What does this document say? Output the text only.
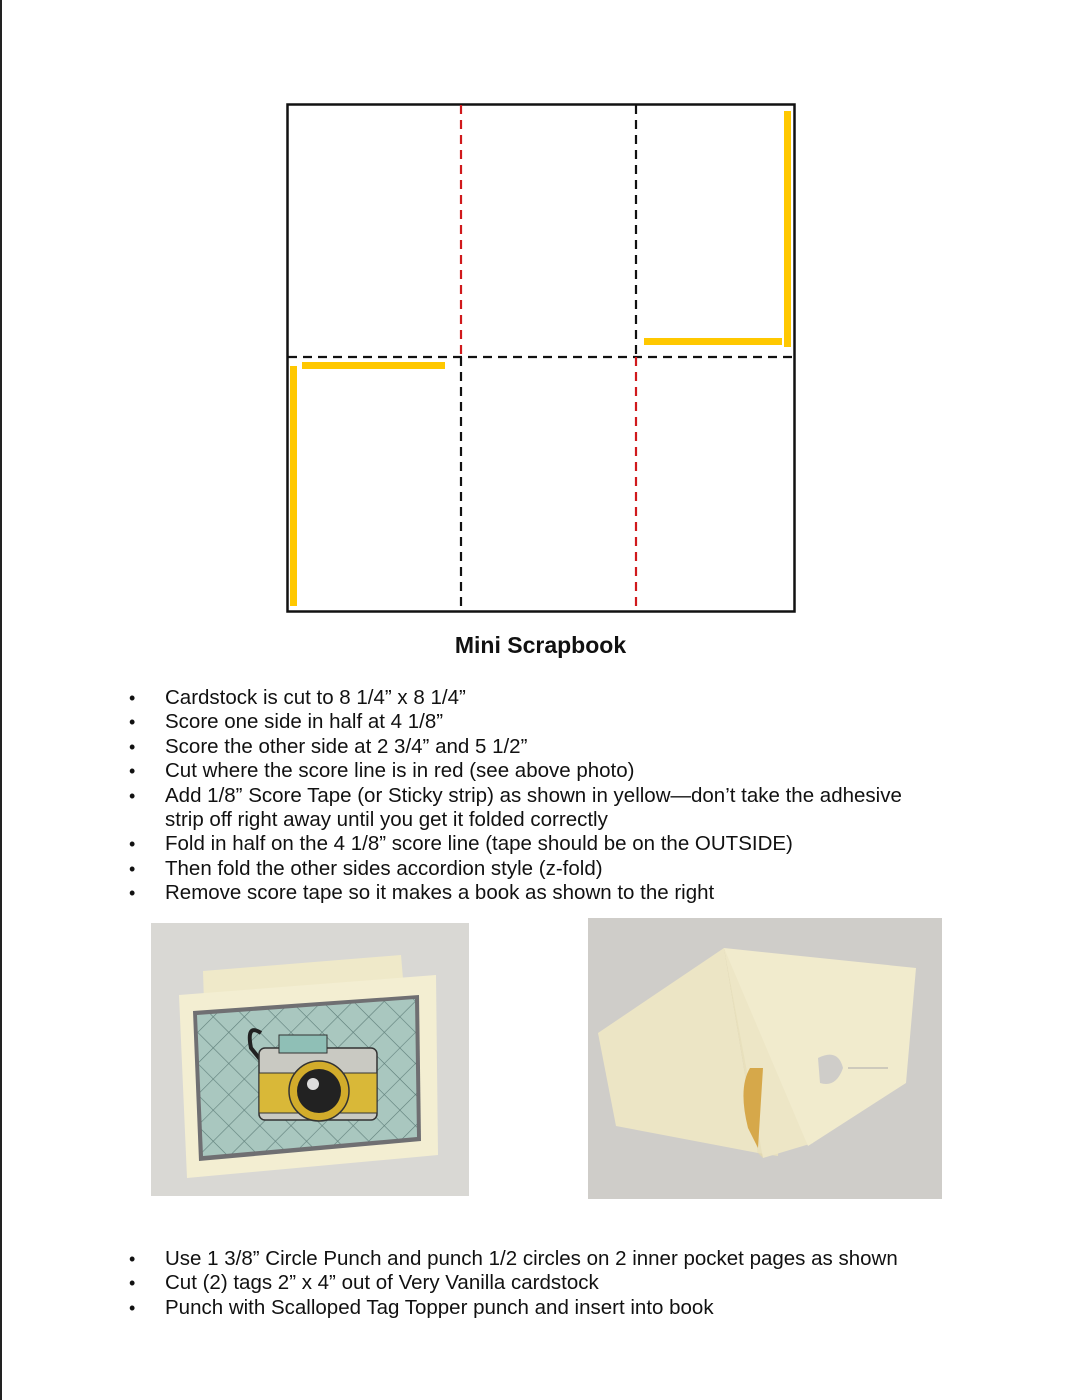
Mini Scrapbook
• Cardstock is cut to 8 1/4” x 8 1/4”
• Score one side in half at 4 1/8”
• Score the other side at 2 3/4” and 5 1/2”
• Cut where the score line is in red (see above photo)
• Add 1/8” Score Tape (or Sticky strip) as shown in yellow—don’t take the adhesive strip off right away until you get it folded correctly
• Fold in half on the 4 1/8” score line (tape should be on the OUTSIDE)
• Then fold the other sides accordion style (z-fold)
• Remove score tape so it makes a book as shown to the right
• Use 1 3/8” Circle Punch and punch 1/2 circles on 2 inner pocket pages as shown
• Cut (2) tags 2” x 4” out of Very Vanilla cardstock
• Punch with Scalloped Tag Topper punch and insert into book
